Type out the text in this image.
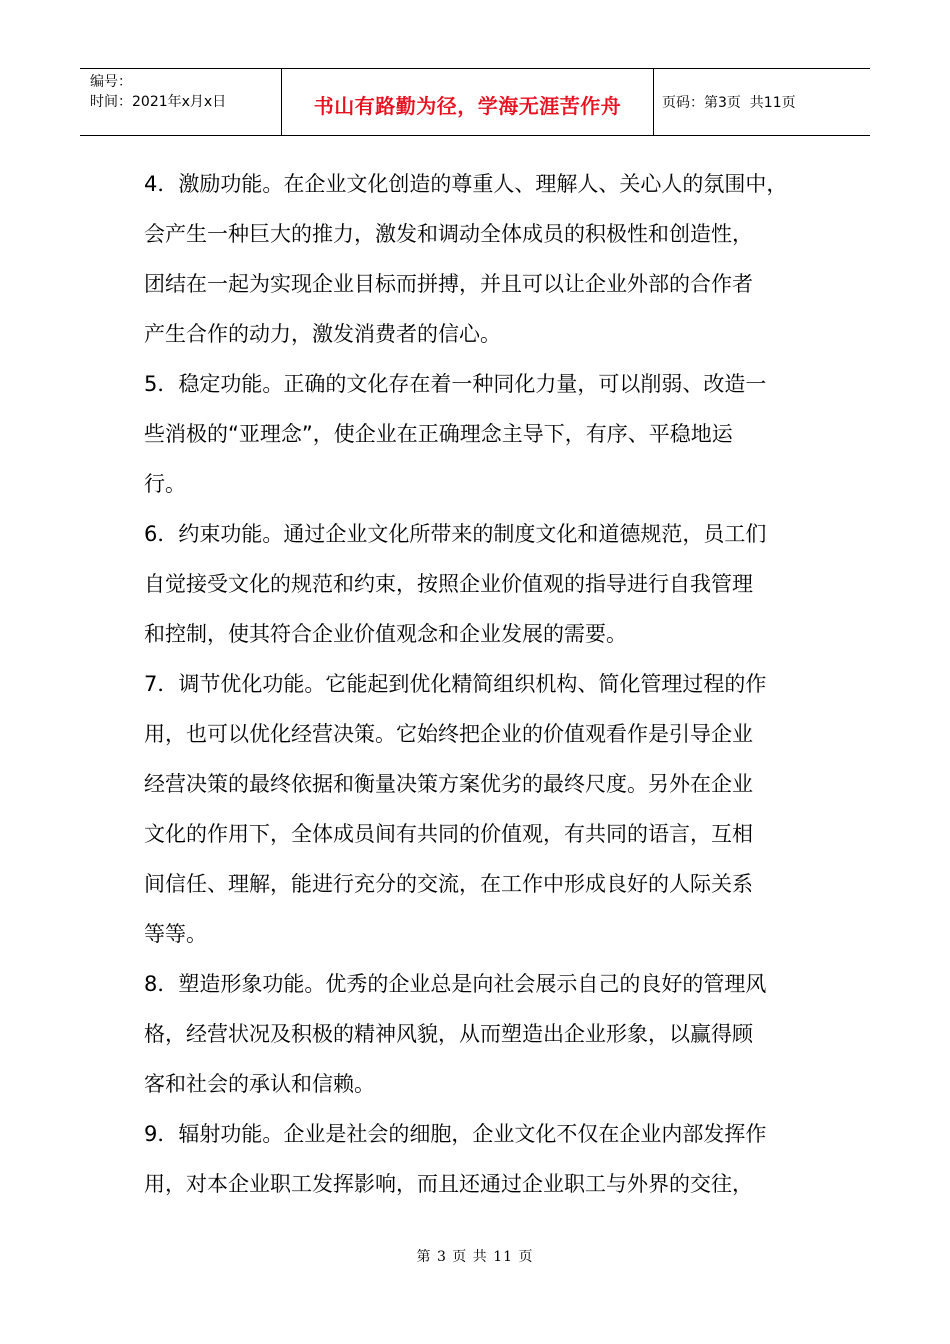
编号：
时间：2021年x月x日	书山有路勤为径，学海无涯苦作舟	页码：第3页  共11页
4．激励功能。在企业文化创造的尊重人、理解人、关心人的氛围中，
会产生一种巨大的推力，激发和调动全体成员的积极性和创造性，
团结在一起为实现企业目标而拼搏，并且可以让企业外部的合作者
产生合作的动力，激发消费者的信心。
5．稳定功能。正确的文化存在着一种同化力量，可以削弱、改造一
些消极的“亚理念”，使企业在正确理念主导下，有序、平稳地运
行。
6．约束功能。通过企业文化所带来的制度文化和道德规范，员工们
自觉接受文化的规范和约束，按照企业价值观的指导进行自我管理
和控制，使其符合企业价值观念和企业发展的需要。
7．调节优化功能。它能起到优化精简组织机构、简化管理过程的作
用，也可以优化经营决策。它始终把企业的价值观看作是引导企业
经营决策的最终依据和衡量决策方案优劣的最终尺度。另外在企业
文化的作用下，全体成员间有共同的价值观，有共同的语言，互相
间信任、理解，能进行充分的交流，在工作中形成良好的人际关系
等等。
8．塑造形象功能。优秀的企业总是向社会展示自己的良好的管理风
格，经营状况及积极的精神风貌，从而塑造出企业形象，以赢得顾
客和社会的承认和信赖。
9．辐射功能。企业是社会的细胞，企业文化不仅在企业内部发挥作
用，对本企业职工发挥影响，而且还通过企业职工与外界的交往，
第 3 页 共 11 页
